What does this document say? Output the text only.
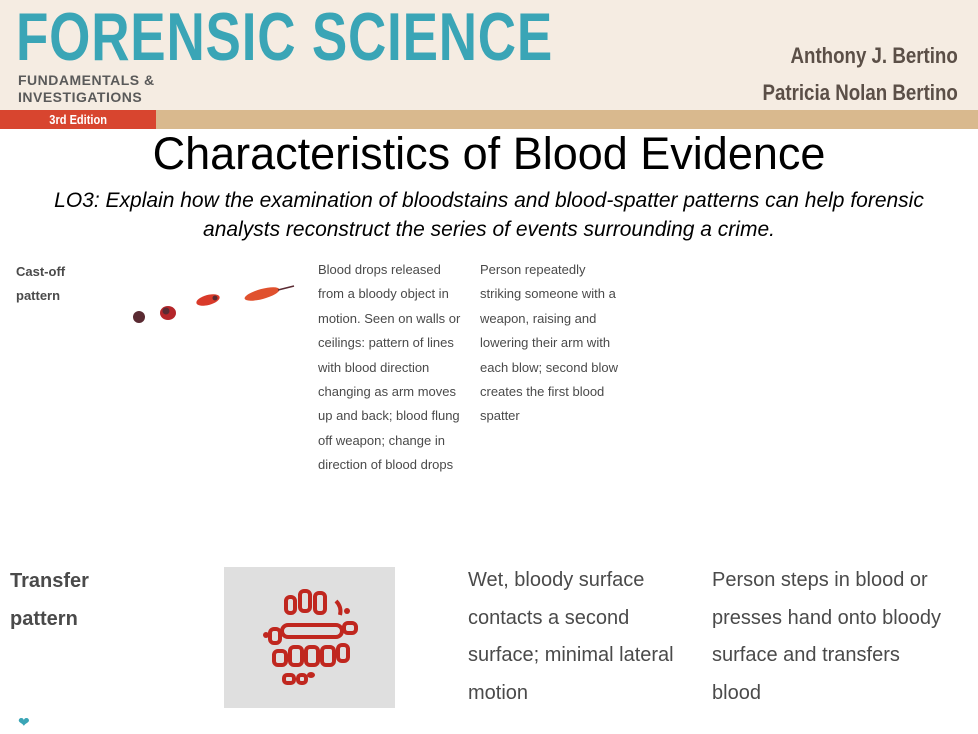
FORENSIC SCIENCE
FUNDAMENTALS &
INVESTIGATIONS
Anthony J. Bertino
Patricia Nolan Bertino
3rd Edition
Characteristics of Blood Evidence
LO3: Explain how the examination of bloodstains and blood-spatter patterns can help forensic analysts reconstruct the series of events surrounding a crime.
Cast-off pattern
Blood drops released from a bloody object in motion. Seen on walls or ceilings: pattern of lines with blood direction changing as arm moves up and back; blood flung off weapon; change in direction of blood drops
Person repeatedly striking someone with a weapon, raising and lowering their arm with each blow; second blow creates the first blood spatter
Transfer pattern
Wet, bloody surface contacts a second surface; minimal lateral motion
Person steps in blood or presses hand onto bloody surface and transfers blood
❤
